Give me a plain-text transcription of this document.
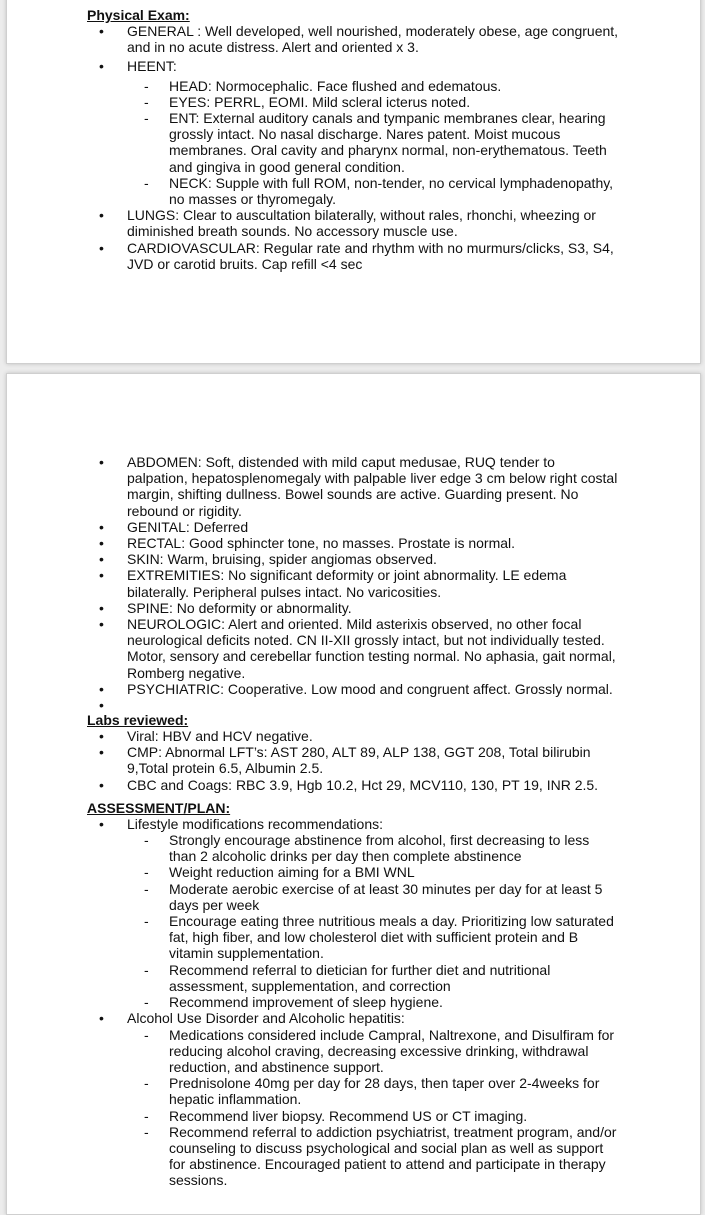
Physical Exam:
• GENERAL : Well developed, well nourished, moderately obese, age congruent, and in no acute distress. Alert and oriented x 3.
• HEENT:
- HEAD: Normocephalic. Face flushed and edematous.
- EYES: PERRL, EOMI. Mild scleral icterus noted.
- ENT: External auditory canals and tympanic membranes clear, hearing grossly intact. No nasal discharge. Nares patent. Moist mucous membranes. Oral cavity and pharynx normal, non-erythematous. Teeth and gingiva in good general condition.
- NECK: Supple with full ROM, non-tender, no cervical lymphadenopathy, no masses or thyromegaly.
• LUNGS: Clear to auscultation bilaterally, without rales, rhonchi, wheezing or diminished breath sounds. No accessory muscle use.
• CARDIOVASCULAR: Regular rate and rhythm with no murmurs/clicks, S3, S4, JVD or carotid bruits. Cap refill <4 sec
• ABDOMEN: Soft, distended with mild caput medusae, RUQ tender to palpation, hepatosplenomegaly with palpable liver edge 3 cm below right costal margin, shifting dullness. Bowel sounds are active. Guarding present. No rebound or rigidity.
• GENITAL: Deferred
• RECTAL: Good sphincter tone, no masses. Prostate is normal.
• SKIN: Warm, bruising, spider angiomas observed.
• EXTREMITIES: No significant deformity or joint abnormality. LE edema bilaterally. Peripheral pulses intact. No varicosities.
• SPINE: No deformity or abnormality.
• NEUROLOGIC: Alert and oriented. Mild asterixis observed, no other focal neurological deficits noted. CN II-XII grossly intact, but not individually tested. Motor, sensory and cerebellar function testing normal. No aphasia, gait normal, Romberg negative.
• PSYCHIATRIC: Cooperative. Low mood and congruent affect. Grossly normal.
•
Labs reviewed:
• Viral: HBV and HCV negative.
• CMP: Abnormal LFT’s: AST 280, ALT 89, ALP 138, GGT 208, Total bilirubin 9,Total protein 6.5, Albumin 2.5.
• CBC and Coags: RBC 3.9, Hgb 10.2, Hct 29, MCV110, 130, PT 19, INR 2.5.
ASSESSMENT/PLAN:
• Lifestyle modifications recommendations:
- Strongly encourage abstinence from alcohol, first decreasing to less than 2 alcoholic drinks per day then complete abstinence
- Weight reduction aiming for a BMI WNL
- Moderate aerobic exercise of at least 30 minutes per day for at least 5 days per week
- Encourage eating three nutritious meals a day. Prioritizing low saturated fat, high fiber, and low cholesterol diet with sufficient protein and B vitamin supplementation.
- Recommend referral to dietician for further diet and nutritional assessment, supplementation, and correction
- Recommend improvement of sleep hygiene.
• Alcohol Use Disorder and Alcoholic hepatitis:
- Medications considered include Campral, Naltrexone, and Disulfiram for reducing alcohol craving, decreasing excessive drinking, withdrawal reduction, and abstinence support.
- Prednisolone 40mg per day for 28 days, then taper over 2-4weeks for hepatic inflammation.
- Recommend liver biopsy. Recommend US or CT imaging.
- Recommend referral to addiction psychiatrist, treatment program, and/or counseling to discuss psychological and social plan as well as support for abstinence. Encouraged patient to attend and participate in therapy sessions.
